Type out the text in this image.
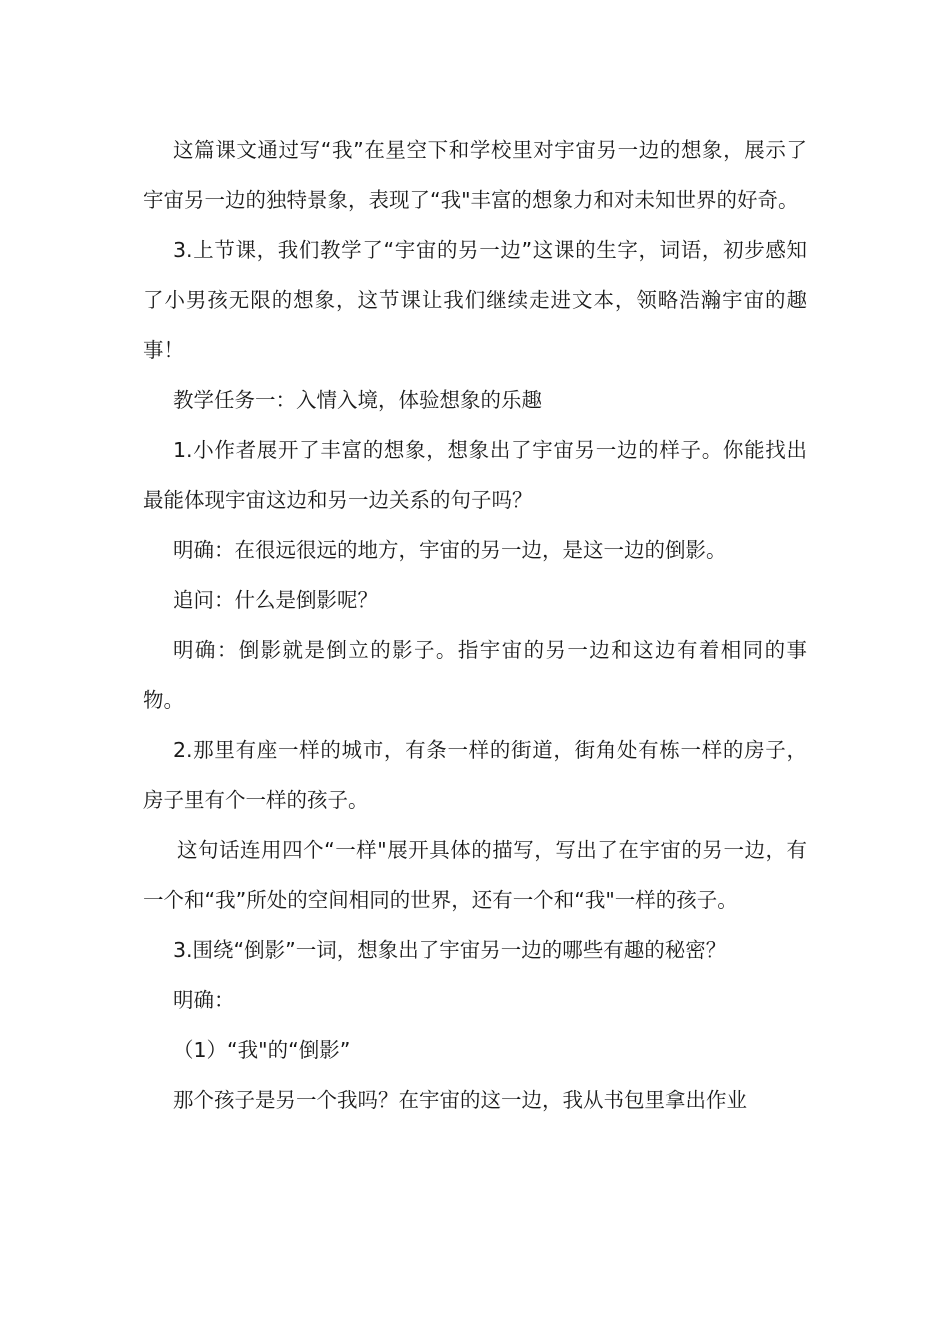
这篇课文通过写“我”在星空下和学校里对宇宙另一边的想象，展示了宇宙另一边的独特景象，表现了“我"丰富的想象力和对未知世界的好奇。

3.上节课，我们教学了“宇宙的另一边”这课的生字，词语，初步感知了小男孩无限的想象，这节课让我们继续走进文本，领略浩瀚宇宙的趣事！

教学任务一：入情入境，体验想象的乐趣

1.小作者展开了丰富的想象，想象出了宇宙另一边的样子。你能找出最能体现宇宙这边和另一边关系的句子吗？

明确：在很远很远的地方，宇宙的另一边，是这一边的倒影。

追问：什么是倒影呢？

明确：倒影就是倒立的影子。指宇宙的另一边和这边有着相同的事物。

2.那里有座一样的城市，有条一样的街道，街角处有栋一样的房子，房子里有个一样的孩子。

这句话连用四个“一样"展开具体的描写，写出了在宇宙的另一边，有一个和“我”所处的空间相同的世界，还有一个和“我"一样的孩子。

3.围绕“倒影”一词，想象出了宇宙另一边的哪些有趣的秘密？

明确：

（1）“我"的“倒影”

那个孩子是另一个我吗？在宇宙的这一边，我从书包里拿出作业
